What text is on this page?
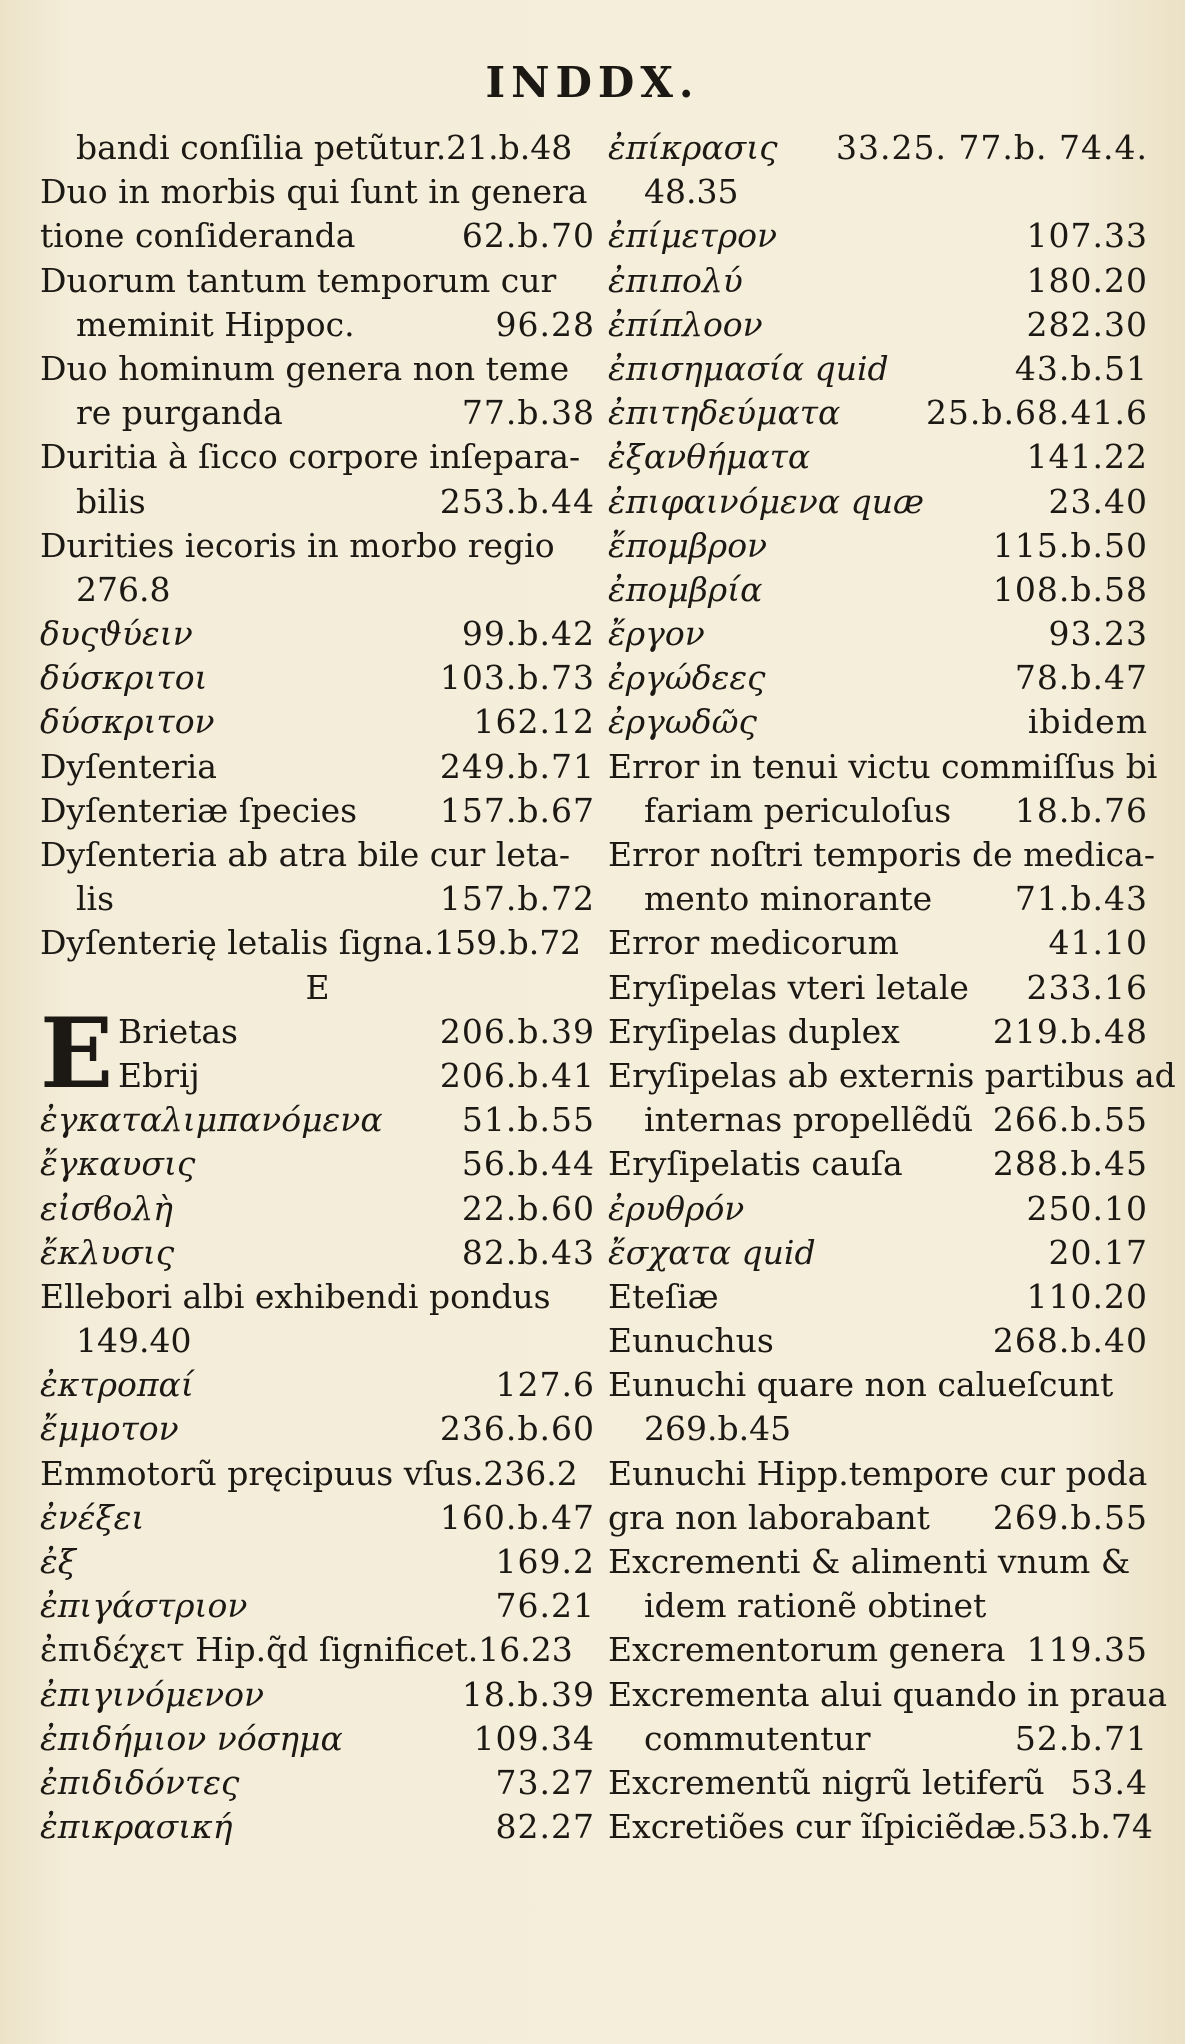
INDDX.
bandi conſilia petũtur.21.b.48
Duo in morbis qui ſunt in genera
tione conſideranda	62.b.70
Duorum tantum temporum cur
meminit Hippoc.	96.28
Duo hominum genera non teme
re purganda	77.b.38
Duritia à ſicco corpore inſepara-
bilis	253.b.44
Durities iecoris in morbo regio
276.8
δυςϑύειν	99.b.42
δύσκριτοι	103.b.73
δύσκριτον	162.12
Dyſenteria	249.b.71
Dyſenteriæ ſpecies	157.b.67
Dyſenteria ab atra bile cur leta-
lis	157.b.72
Dyſenterię letalis ſigna.159.b.72
E
E Brietas	206.b.39
Ebrij	206.b.41
ἐγκαταλιμπανόμενα 51.b.55
ἔγκαυσις	56.b.44
εἰσϐολὴ	22.b.60
ἔκλυσις	82.b.43
Ellebori albi exhibendi pondus
149.40
ἐκτροπαί	127.6
ἔμμοτον	236.b.60
Emmotorũ pręcipuus vſus.236.2
ἐνέξει	160.b.47
ἐξ	169.2
ἐπιγάστριον	76.21
ἐπιδέχετ Hip.q̃d ſignificet.16.23
ἐπιγινόμενον	18.b.39
ἐπιδήμιον νόσημα	109.34
ἐπιδιδόντες	73.27
ἐπικρασική	82.27
ἐπίκρασις 33.25. 77.b. 74.4.
48.35
ἐπίμετρον	107.33
ἐπιπολύ	180.20
ἐπίπλοον	282.30
ἐπισημασία quid	43.b.51
ἐπιτηδεύματα	25.b.68.41.6
ἐξανθήματα	141.22
ἐπιφαινόμενα quæ	23.40
ἔπομβρον	115.b.50
ἐπομβρία	108.b.58
ἔργον	93.23
ἐργώδεες	78.b.47
ἐργωδῶς	ibidem
Error in tenui victu commiſſus bi
fariam periculoſus 18.b.76
Error noſtri temporis de medica-
mento minorante	71.b.43
Error medicorum	41.10
Eryſipelas vteri letale 233.16
Eryſipelas duplex	219.b.48
Eryſipelas ab externis partibus ad
internas propellẽdũ 266.b.55
Eryſipelatis cauſa	288.b.45
ἐρυθρόν	250.10
ἔσχατα quid	20.17
Eteſiæ	110.20
Eunuchus	268.b.40
Eunuchi quare non calueſcunt
269.b.45
Eunuchi Hipp.tempore cur poda
gra non laborabant 269.b.55
Excrementi & alimenti vnum &
idem rationẽ obtinet
Excrementorum genera 119.35
Excrementa alui quando in praua
commutentur	52.b.71
Excrementũ nigrũ letiferũ 53.4
Excretiões cur ĩſpiciẽdæ.53.b.74
